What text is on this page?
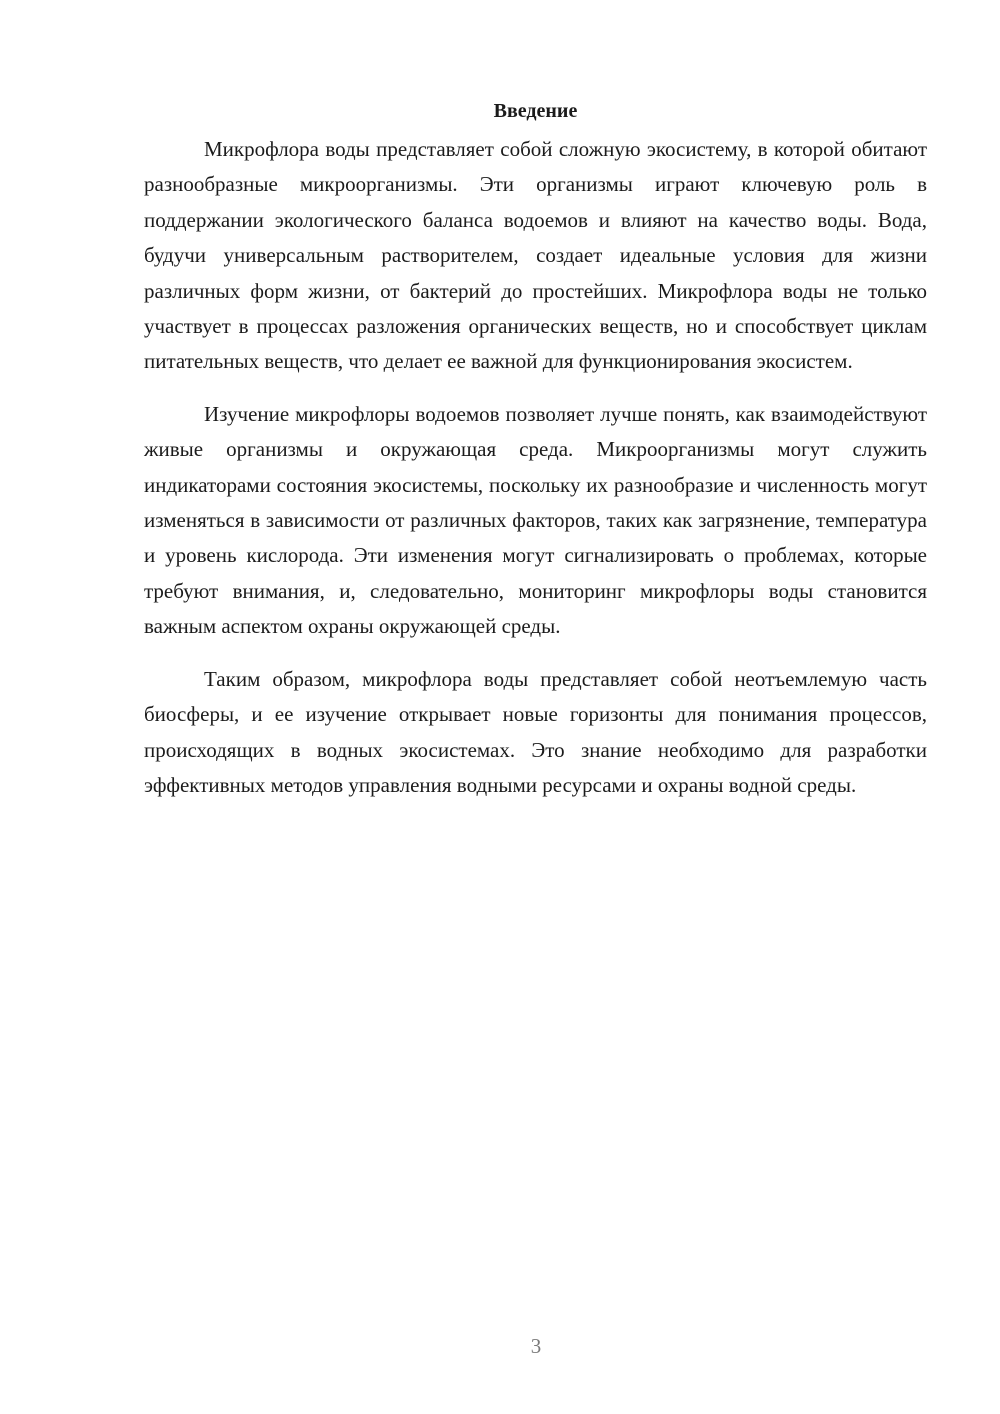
Введение

Микрофлора воды представляет собой сложную экосистему, в которой обитают разнообразные микроорганизмы. Эти организмы играют ключевую роль в поддержании экологического баланса водоемов и влияют на качество воды. Вода, будучи универсальным растворителем, создает идеальные условия для жизни различных форм жизни, от бактерий до простейших. Микрофлора воды не только участвует в процессах разложения органических веществ, но и способствует циклам питательных веществ, что делает ее важной для функционирования экосистем.

Изучение микрофлоры водоемов позволяет лучше понять, как взаимодействуют живые организмы и окружающая среда. Микроорганизмы могут служить индикаторами состояния экосистемы, поскольку их разнообразие и численность могут изменяться в зависимости от различных факторов, таких как загрязнение, температура и уровень кислорода. Эти изменения могут сигнализировать о проблемах, которые требуют внимания, и, следовательно, мониторинг микрофлоры воды становится важным аспектом охраны окружающей среды.

Таким образом, микрофлора воды представляет собой неотъемлемую часть биосферы, и ее изучение открывает новые горизонты для понимания процессов, происходящих в водных экосистемах. Это знание необходимо для разработки эффективных методов управления водными ресурсами и охраны водной среды.

3
